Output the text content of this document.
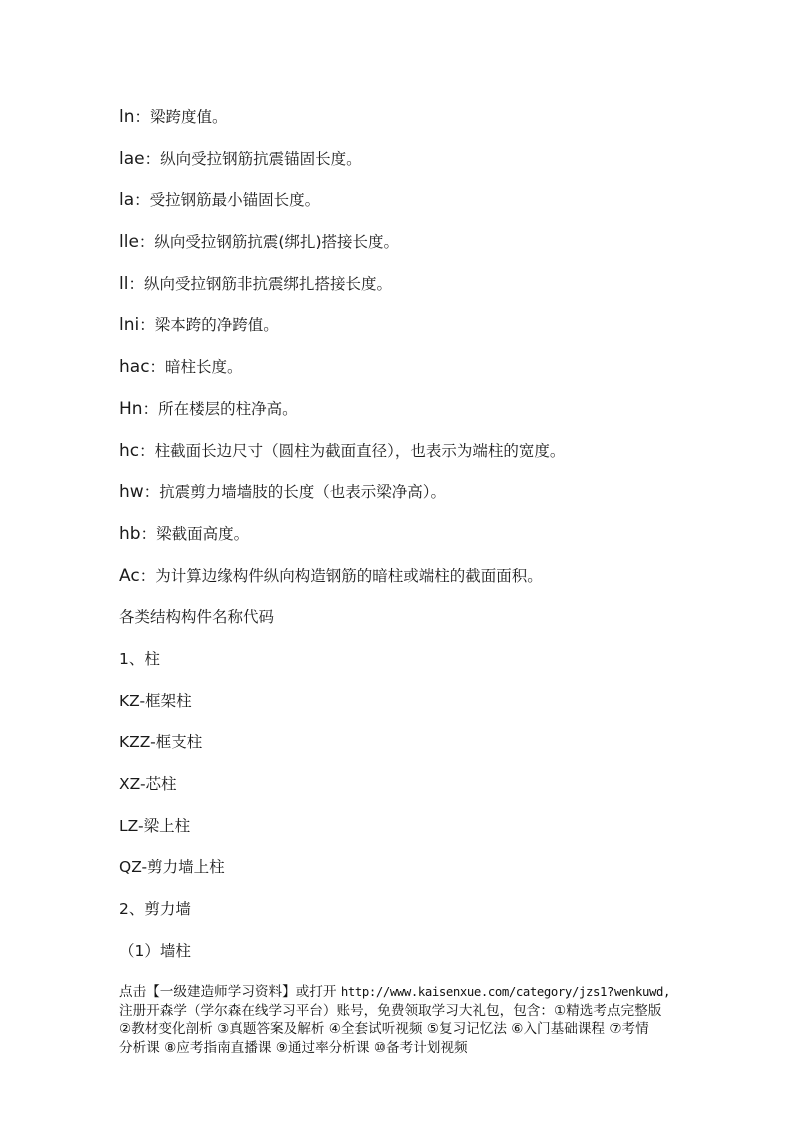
ln：梁跨度值。
lae：纵向受拉钢筋抗震锚固长度。
la：受拉钢筋最小锚固长度。
lle：纵向受拉钢筋抗震(绑扎)搭接长度。
ll：纵向受拉钢筋非抗震绑扎搭接长度。
lni：梁本跨的净跨值。
hac：暗柱长度。
Hn：所在楼层的柱净高。
hc：柱截面长边尺寸（圆柱为截面直径），也表示为端柱的宽度。
hw：抗震剪力墙墙肢的长度（也表示梁净高）。
hb：梁截面高度。
Ac：为计算边缘构件纵向构造钢筋的暗柱或端柱的截面面积。
各类结构构件名称代码
1、柱
KZ-框架柱
KZZ-框支柱
XZ-芯柱
LZ-梁上柱
QZ-剪力墙上柱
2、剪力墙
（1）墙柱
点击【一级建造师学习资料】或打开 http://www.kaisenxue.com/category/jzs1?wenkuwd,
注册开森学（学尔森在线学习平台）账号，免费领取学习大礼包，包含：①精选考点完整版
②教材变化剖析 ③真题答案及解析 ④全套试听视频 ⑤复习记忆法 ⑥入门基础课程 ⑦考情
分析课 ⑧应考指南直播课 ⑨通过率分析课 ⑩备考计划视频
